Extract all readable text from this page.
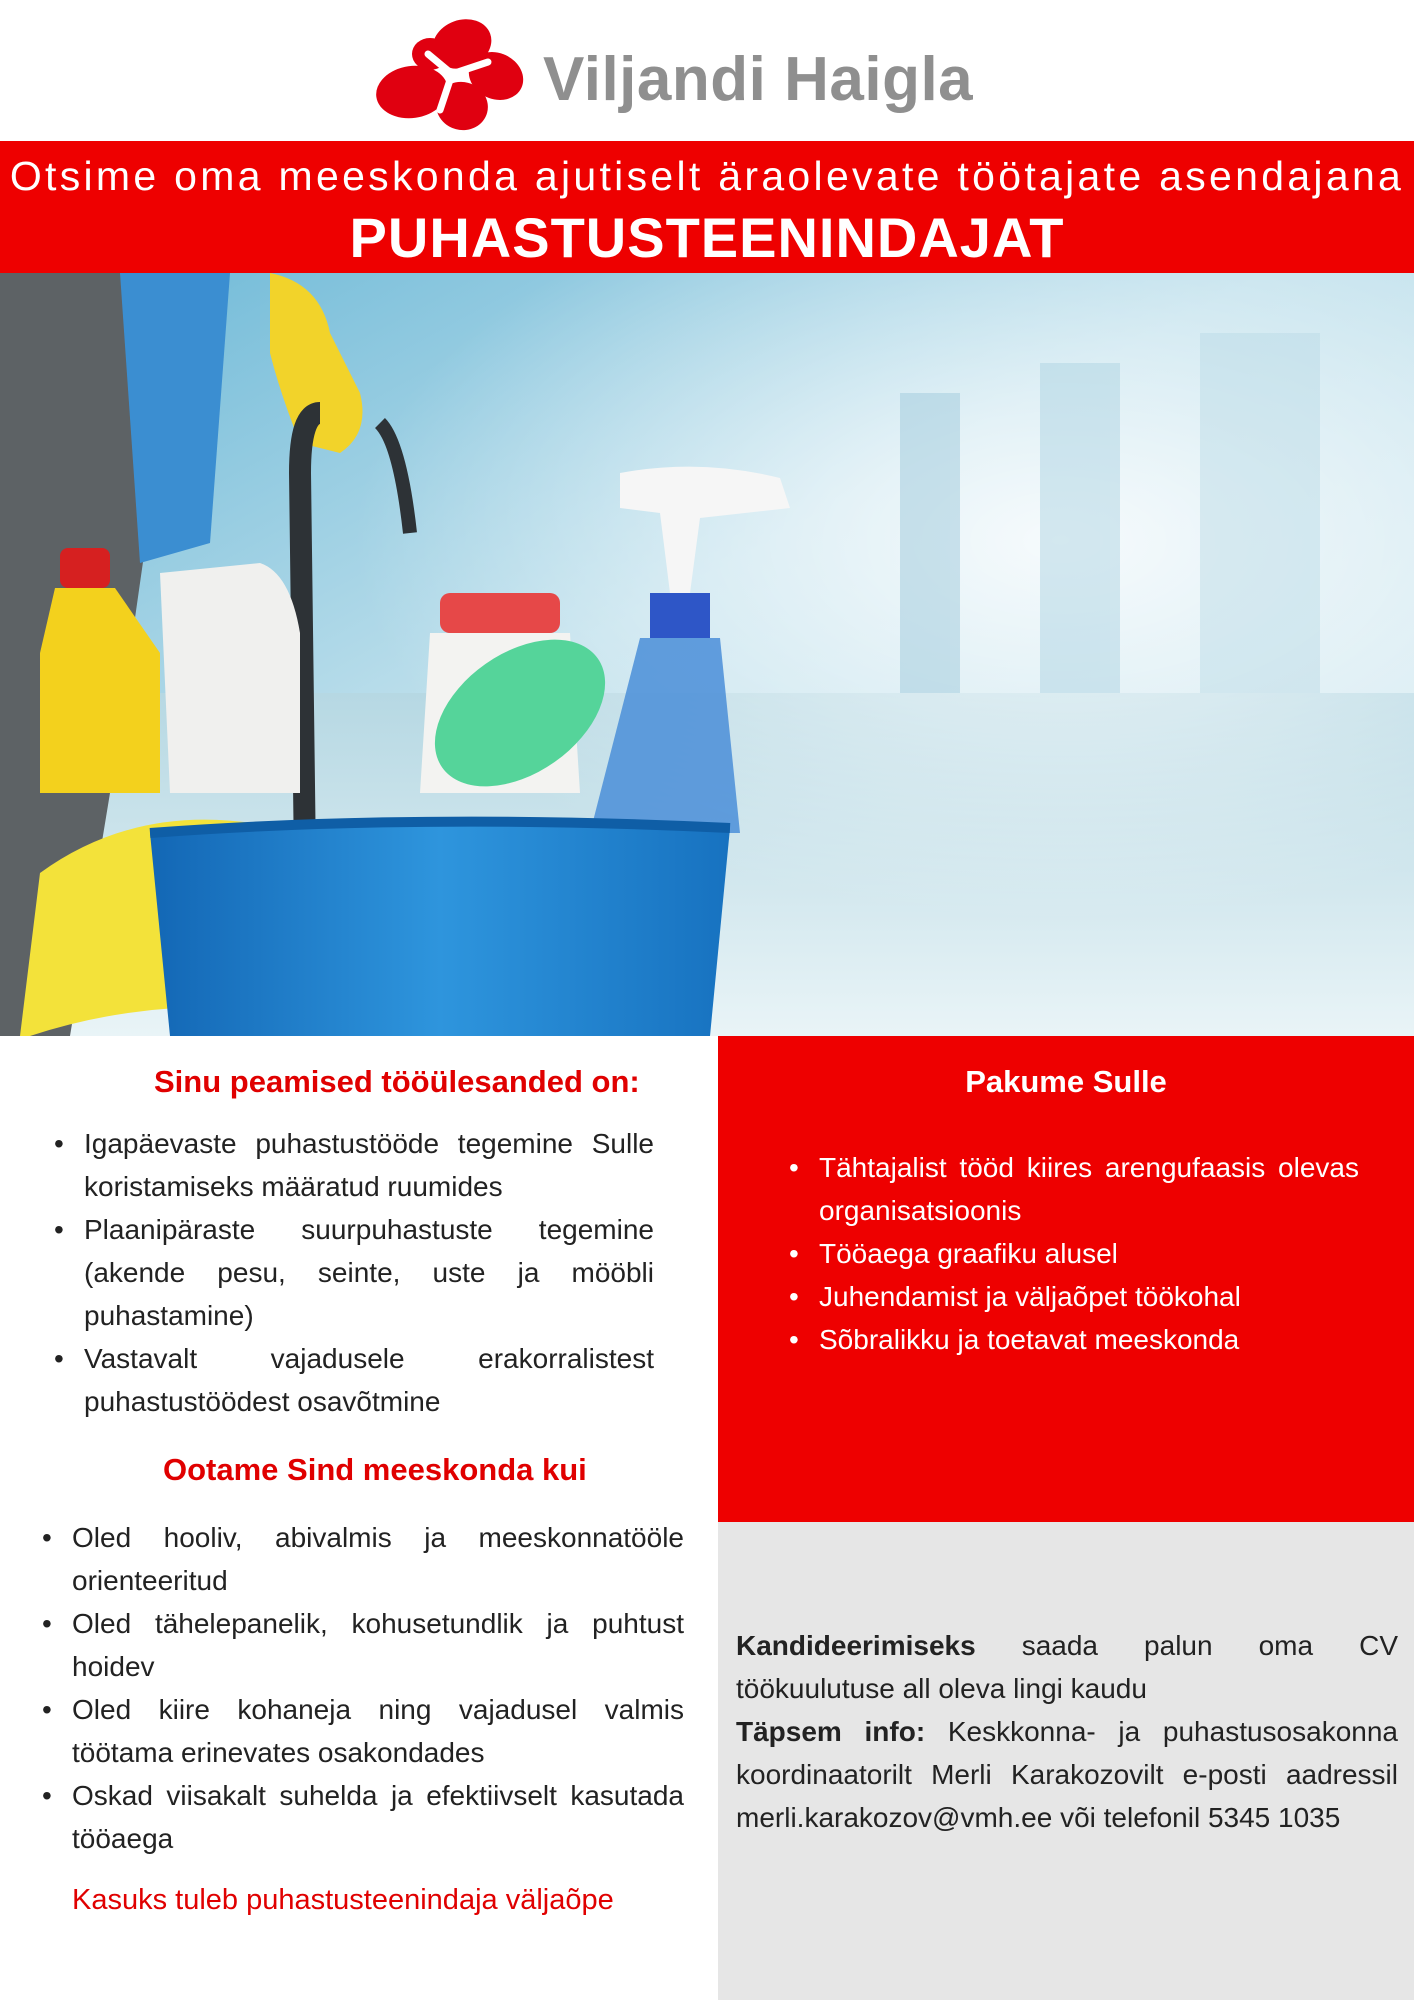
Viljandi Haigla
Otsime oma meeskonda ajutiselt äraolevate töötajate asendajana
PUHASTUSTEENINDAJAT
Sinu peamised tööülesanded on:
• Igapäevaste puhastustööde tegemine Sulle koristamiseks määratud ruumides
• Plaanipäraste suurpuhastuste tegemine (akende pesu, seinte, uste ja mööbli puhastamine)
• Vastavalt vajadusele erakorralistest puhastustöödest osavõtmine
Ootame Sind meeskonda kui
• Oled hooliv, abivalmis ja meeskonnatööle orienteeritud
• Oled tähelepanelik, kohusetundlik ja puhtust hoidev
• Oled kiire kohaneja ning vajadusel valmis töötama erinevates osakondades
• Oskad viisakalt suhelda ja efektiivselt kasutada tööaega
Kasuks tuleb puhastusteenindaja väljaõpe
Pakume Sulle
• Tähtajalist tööd kiires arengufaasis olevas organisatsioonis
• Tööaega graafiku alusel
• Juhendamist ja väljaõpet töökohal
• Sõbralikku ja toetavat meeskonda
Kandideerimiseks saada palun oma CV töökuulutuse all oleva lingi kaudu
Täpsem info: Keskkonna- ja puhastusosakonna koordinaatorilt Merli Karakozovilt e-posti aadressil merli.karakozov@vmh.ee või telefonil 5345 1035
